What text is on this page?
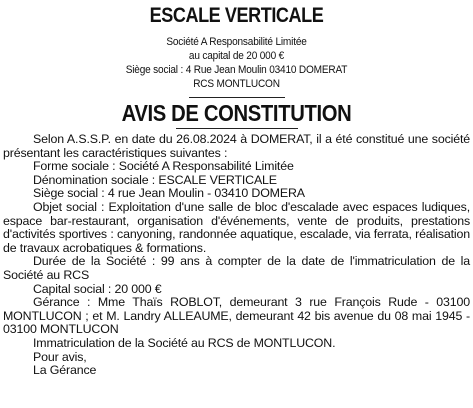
ESCALE VERTICALE
Société A Responsabilité Limitée
au capital de 20 000 €
Siège social : 4 Rue Jean Moulin 03410 DOMERAT
RCS MONTLUCON
AVIS DE CONSTITUTION

Selon A.S.S.P. en date du 26.08.2024 à DOMERAT, il a été constitué une société présentant les caractéristiques suivantes :

Forme sociale : Société A Responsabilité Limitée

Dénomination sociale : ESCALE VERTICALE

Siège social : 4 rue Jean Moulin - 03410 DOMERA

Objet social : Exploitation d'une salle de bloc d'escalade avec espaces ludiques, espace bar-restaurant, organisation d'événements, vente de produits, prestations d'activités sportives : canyoning, randonnée aquatique, escalade, via ferrata, réalisation de travaux acrobatiques & formations.

Durée de la Société : 99 ans à compter de la date de l'immatriculation de la Société au RCS

Capital social : 20 000 €

Gérance : Mme Thaïs ROBLOT, demeurant 3 rue François Rude - 03100 MONTLUCON ; et M. Landry ALLEAUME, demeurant 42 bis avenue du 08 mai 1945 - 03100 MONTLUCON

Immatriculation de la Société au RCS de MONTLUCON.

Pour avis,

La Gérance
